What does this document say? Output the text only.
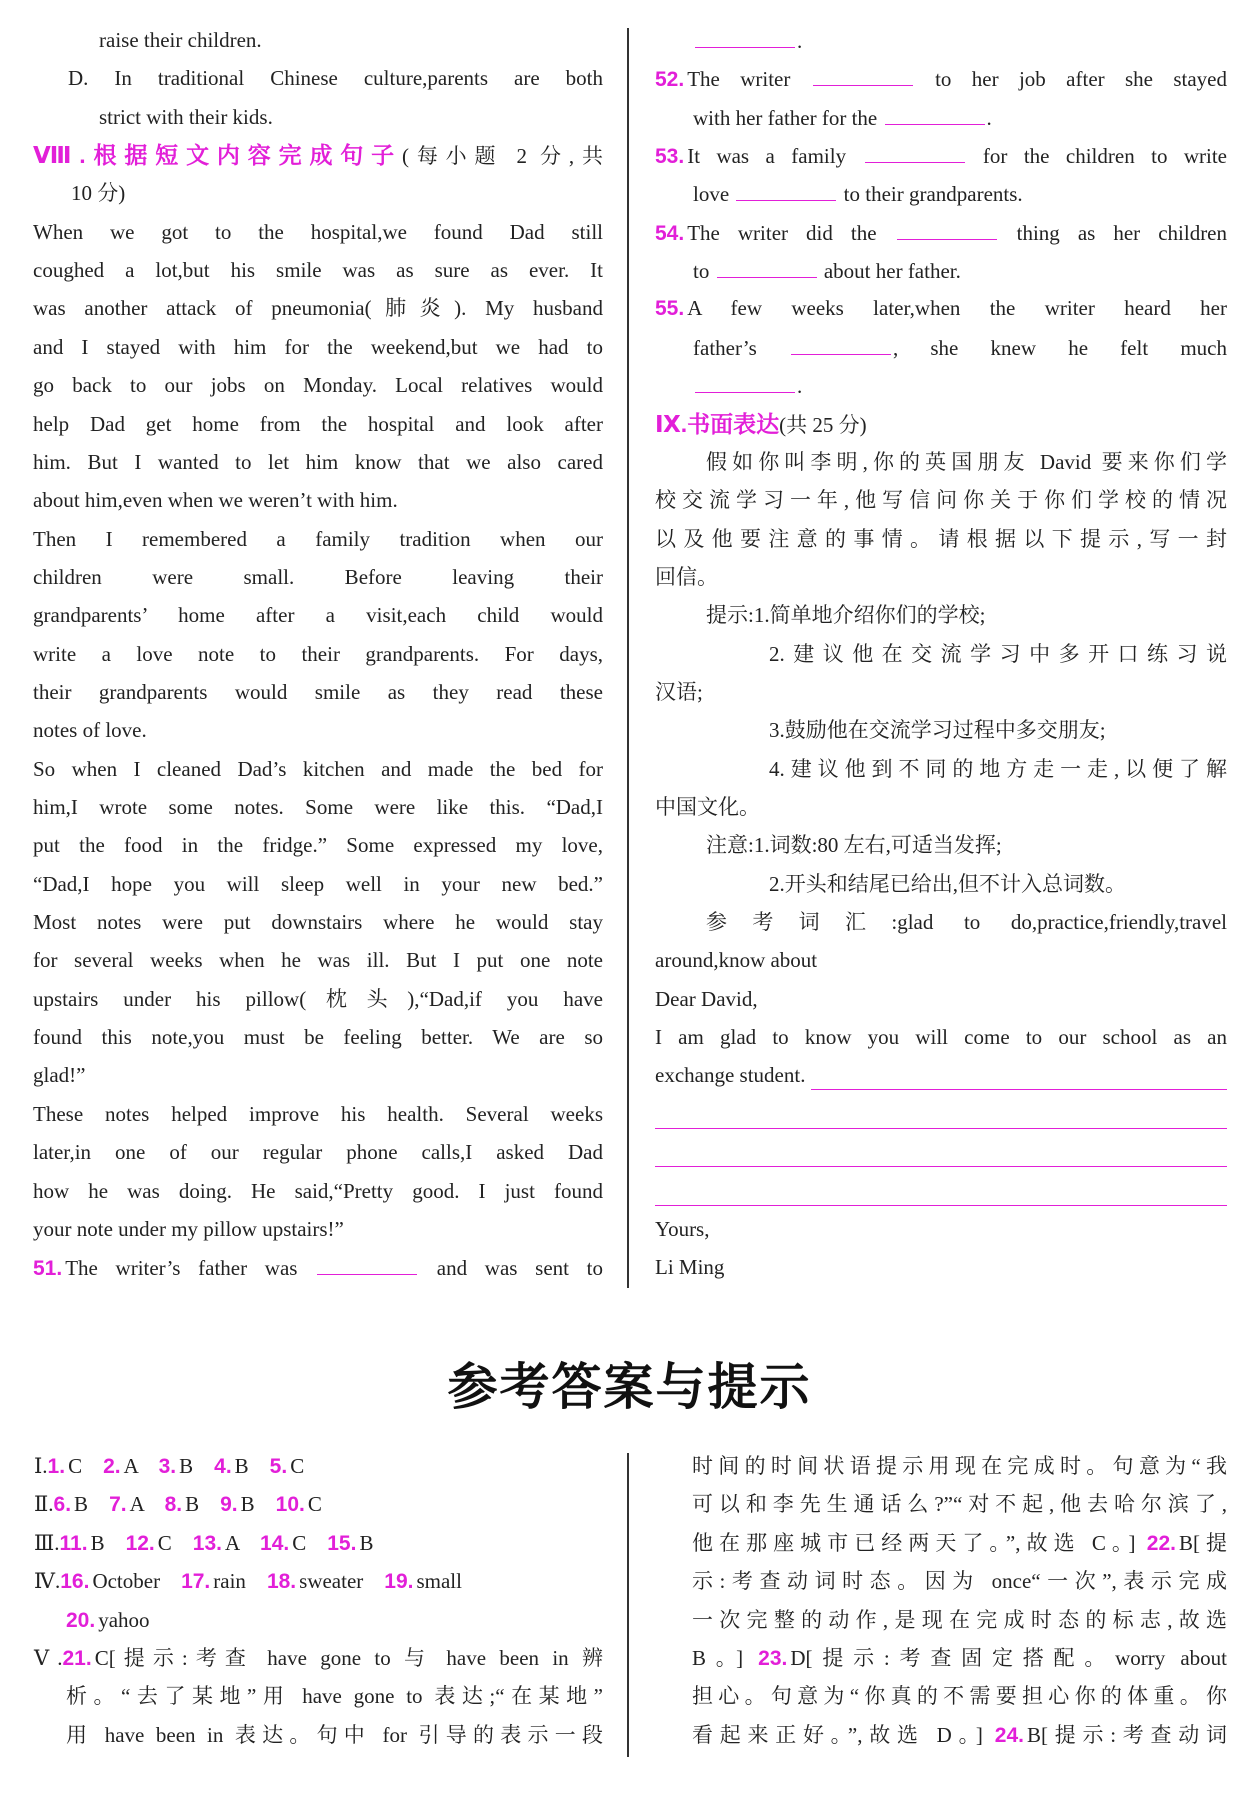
raise their children.
D. In traditional Chinese culture,parents are both
strict with their kids.
Ⅷ.根据短文内容完成句子(每小题 2 分,共
10 分)
When we got to the hospital,we found Dad still
coughed a lot,but his smile was as sure as ever. It
was another attack of pneumonia(肺炎). My husband
and I stayed with him for the weekend,but we had to
go back to our jobs on Monday. Local relatives would
help Dad get home from the hospital and look after
him. But I wanted to let him know that we also cared
about him,even when we weren’t with him.
Then I remembered a family tradition when our
children were small. Before leaving their
grandparents’ home after a visit,each child would
write a love note to their grandparents. For days,
their grandparents would smile as they read these
notes of love.
So when I cleaned Dad’s kitchen and made the bed for
him,I wrote some notes. Some were like this. “Dad,I
put the food in the fridge.” Some expressed my love,
“Dad,I hope you will sleep well in your new bed.”
Most notes were put downstairs where he would stay
for several weeks when he was ill. But I put one note
upstairs under his pillow(枕头),“Dad,if you have
found this note,you must be feeling better. We are so
glad!”
These notes helped improve his health. Several weeks
later,in one of our regular phone calls,I asked Dad
how he was doing. He said,“Pretty good. I just found
your note under my pillow upstairs!”
51. The writer’s father was	and was sent to
.
52. The writer	to her job after she stayed
with her father for the	.
53. It was a family	for the children to write
love	to their grandparents.
54. The writer did the	thing as her children
to	about her father.
55. A few weeks later,when the writer heard her
father’s	, she knew he felt much
.
Ⅸ.书面表达(共 25 分)
假如你叫李明,你的英国朋友 David 要来你们学
校交流学习一年,他写信问你关于你们学校的情况
以及他要注意的事情。请根据以下提示,写一封
回信。
提示:1.简单地介绍你们的学校;
2.建议他在交流学习中多开口练习说
汉语;
3.鼓励他在交流学习过程中多交朋友;
4.建议他到不同的地方走一走,以便了解
中国文化。
注意:1.词数:80 左右,可适当发挥;
2.开头和结尾已给出,但不计入总词数。
参考词汇:glad to do,practice,friendly,travel
around,know about
Dear David,
I am glad to know you will come to our school as an
exchange student.
Yours,
Li Ming
参考答案与提示
Ⅰ.1. C    2. A    3. B    4. B    5. C
Ⅱ.6. B    7. A    8. B    9. B    10. C
Ⅲ.11. B    12. C    13. A    14. C    15. B
Ⅳ.16. October    17. rain    18. sweater    19. small
20. yahoo
Ⅴ.21. C[提示:考查 have gone to 与 have been in 辨
析。“去了某地”用 have gone to 表达;“在某地”
用 have been in 表达。句中 for 引导的表示一段
时间的时间状语提示用现在完成时。句意为“我
可以和李先生通话么?”“对不起,他去哈尔滨了,
他在那座城市已经两天了。”,故选 C。] 22. B[提
示:考查动词时态。因为 once“一次”,表示完成
一次完整的动作,是现在完成时态的标志,故选
B。] 23. D[提示:考查固定搭配。worry about
担心。句意为“你真的不需要担心你的体重。你
看起来正好。”,故选 D。] 24. B[提示:考查动词
